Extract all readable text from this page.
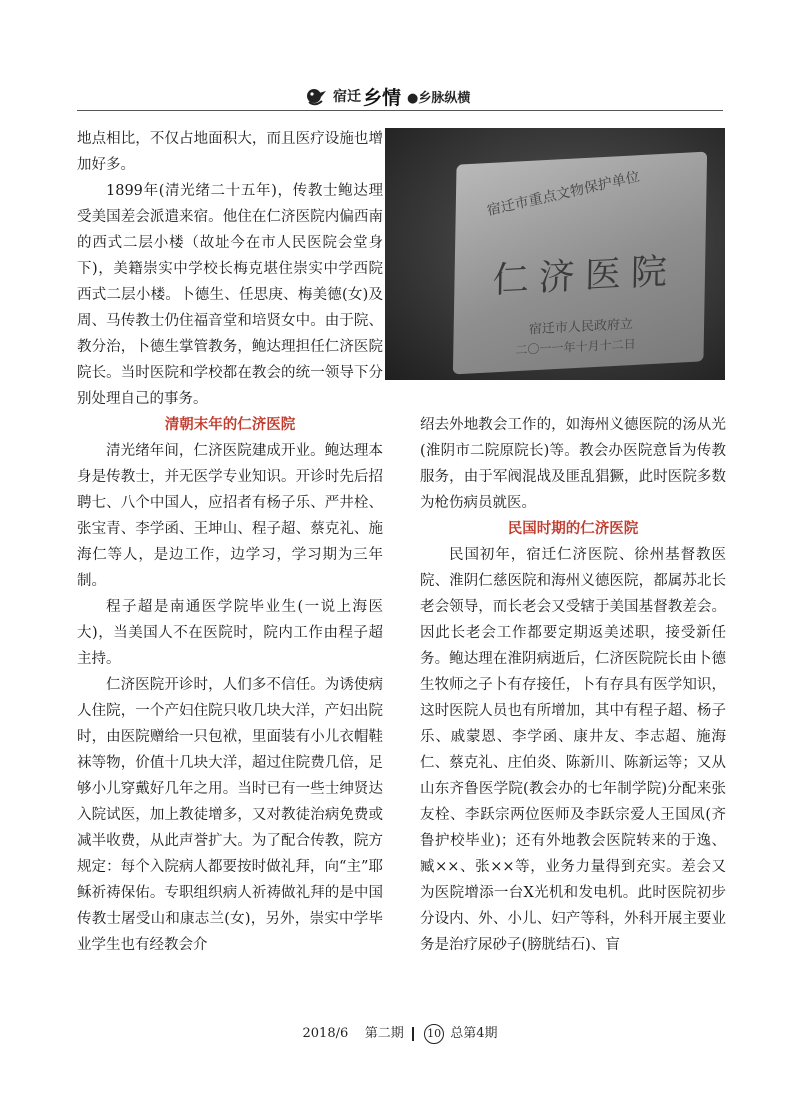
宿迁 乡情 ●乡脉纵横
宿迁市重点文物保护单位
仁济医院
宿迁市人民政府立
二〇一一年十月十二日

地点相比，不仅占地面积大，而且医疗设施也增加好多。

1899年(清光绪二十五年)，传教士鲍达理受美国差会派遣来宿。他住在仁济医院内偏西南的西式二层小楼（故址今在市人民医院会堂身下)，美籍崇实中学校长梅克堪住崇实中学西院西式二层小楼。卜德生、任思庚、梅美德(女)及周、马传教士仍住福音堂和培贤女中。由于院、教分治，卜德生掌管教务，鲍达理担任仁济医院院长。当时医院和学校都在教会的统一领导下分别处理自己的事务。

清朝末年的仁济医院

清光绪年间，仁济医院建成开业。鲍达理本身是传教士，并无医学专业知识。开诊时先后招聘七、八个中国人，应招者有杨子乐、严井栓、张宝青、李学函、王坤山、程子超、蔡克礼、施海仁等人，是边工作，边学习，学习期为三年制。

程子超是南通医学院毕业生(一说上海医大)，当美国人不在医院时，院内工作由程子超主持。

仁济医院开诊时，人们多不信任。为诱使病人住院，一个产妇住院只收几块大洋，产妇出院时，由医院赠给一只包袱，里面装有小儿衣帽鞋袜等物，价值十几块大洋，超过住院费几倍，足够小儿穿戴好几年之用。当时已有一些士绅贤达入院试医，加上教徒增多，又对教徒治病免费或减半收费，从此声誉扩大。为了配合传教，院方规定：每个入院病人都要按时做礼拜，向“主”耶稣祈祷保佑。专职组织病人祈祷做礼拜的是中国传教士屠受山和康志兰(女)，另外，崇实中学毕业学生也有经教会介

绍去外地教会工作的，如海州义德医院的汤从光(淮阴市二院原院长)等。教会办医院意旨为传教服务，由于军阀混战及匪乱猖獗，此时医院多数为枪伤病员就医。

民国时期的仁济医院

民国初年，宿迁仁济医院、徐州基督教医院、淮阴仁慈医院和海州义德医院，都属苏北长老会领导，而长老会又受辖于美国基督教差会。因此长老会工作都要定期返美述职，接受新任务。鲍达理在淮阴病逝后，仁济医院院长由卜德生牧师之子卜有存接任，卜有存具有医学知识，这时医院人员也有所增加，其中有程子超、杨子乐、戚蒙恩、李学函、康井友、李志超、施海仁、蔡克礼、庄伯炎、陈新川、陈新运等；又从山东齐鲁医学院(教会办的七年制学院)分配来张友栓、李跃宗两位医师及李跃宗爱人王国凤(齐鲁护校毕业)；还有外地教会医院转来的于逸、臧××、张××等，业务力量得到充实。差会又为医院增添一台X光机和发电机。此时医院初步分设内、外、小儿、妇产等科，外科开展主要业务是治疗尿砂子(膀胱结石)、盲

2018/6 第二期 10 总第4期
